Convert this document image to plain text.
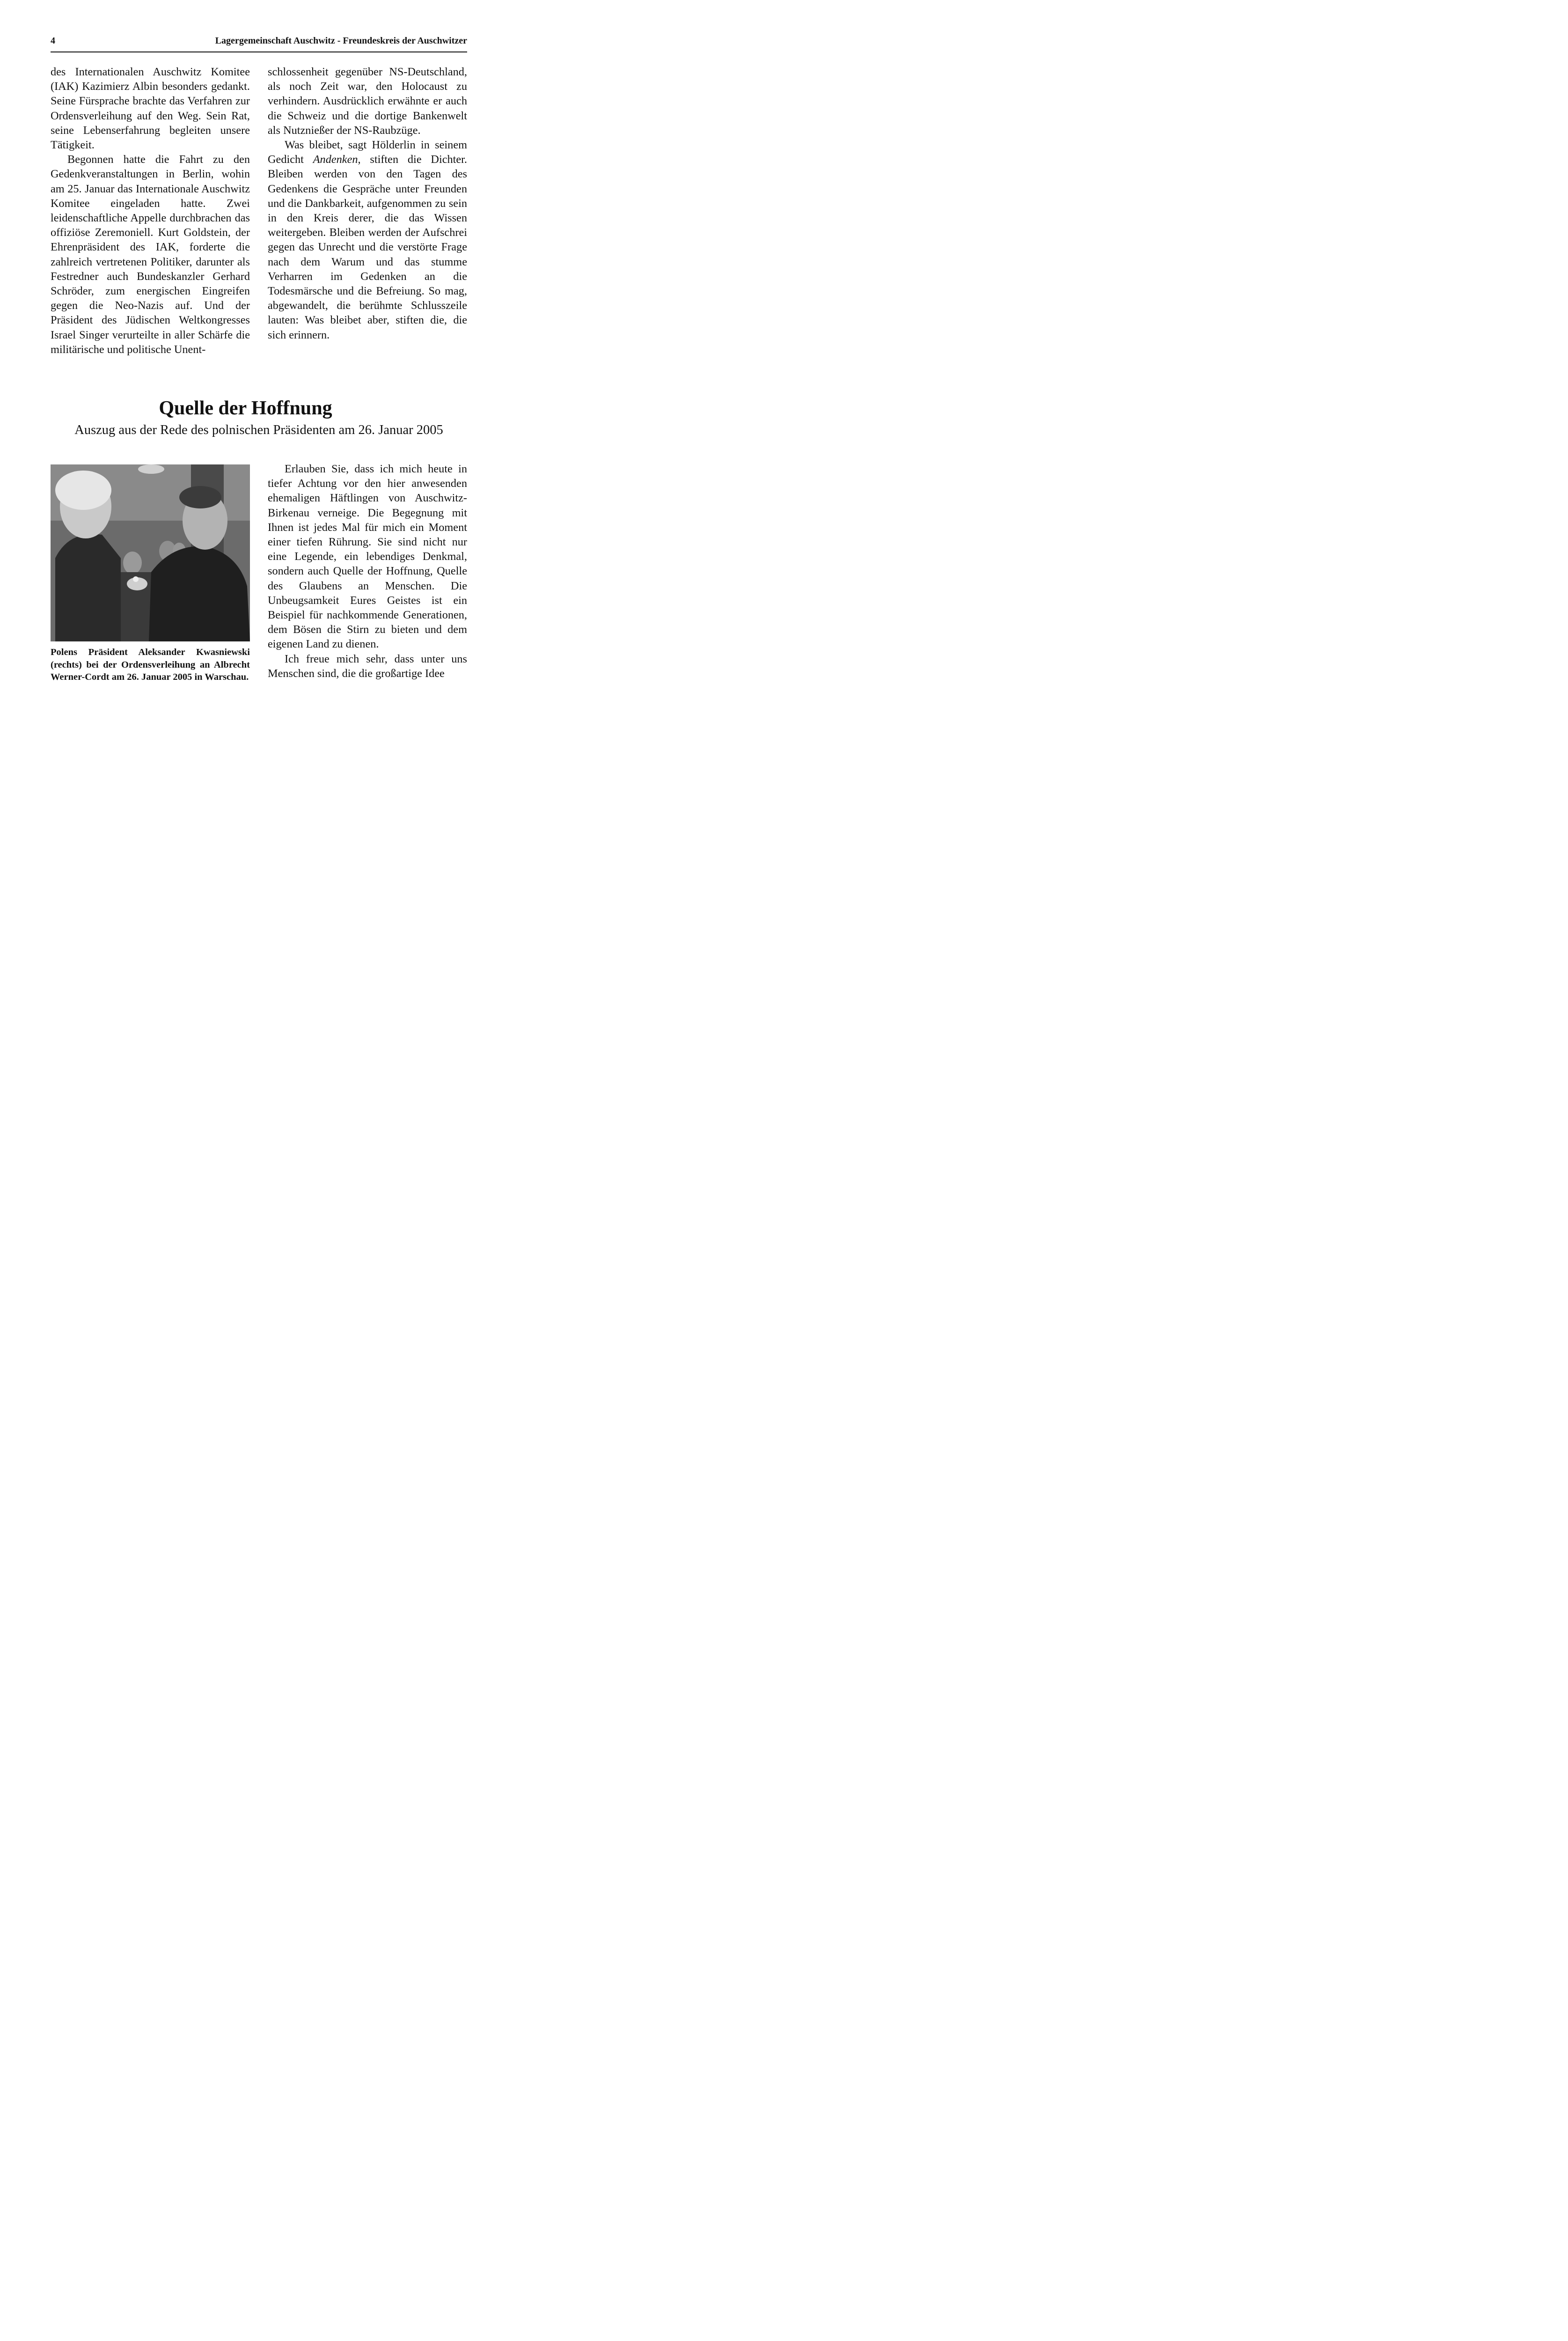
4	Lagergemeinschaft Auschwitz - Freundeskreis der Auschwitzer

des Internationalen Auschwitz Komitee (IAK) Kazimierz Albin besonders gedankt. Seine Fürsprache brachte das Verfahren zur Ordensverleihung auf den Weg. Sein Rat, seine Lebenserfahrung begleiten unsere Tätigkeit.

Begonnen hatte die Fahrt zu den Gedenkveranstaltungen in Berlin, wohin am 25. Januar das Internationale Auschwitz Komitee eingeladen hatte. Zwei leidenschaftliche Appelle durchbrachen das offiziöse Zeremoniell. Kurt Goldstein, der Ehrenpräsident des IAK, forderte die zahlreich vertretenen Politiker, darunter als Festredner auch Bundeskanzler Gerhard Schröder, zum energischen Eingreifen gegen die Neo-Nazis auf. Und der Präsident des Jüdischen Weltkongresses Israel Singer verurteilte in aller Schärfe die militärische und politische Unent-

schlossenheit gegenüber NS-Deutschland, als noch Zeit war, den Holocaust zu verhindern. Ausdrücklich erwähnte er auch die Schweiz und die dortige Bankenwelt als Nutznießer der NS-Raubzüge.

Was bleibet, sagt Hölderlin in seinem Gedicht Andenken, stiften die Dichter. Bleiben werden von den Tagen des Gedenkens die Gespräche unter Freunden und die Dankbarkeit, aufgenommen zu sein in den Kreis derer, die das Wissen weitergeben. Bleiben werden der Aufschrei gegen das Unrecht und die verstörte Frage nach dem Warum und das stumme Verharren im Gedenken an die Todesmärsche und die Befreiung. So mag, abgewandelt, die berühmte Schlusszeile lauten: Was bleibet aber, stiften die, die sich erinnern.

Quelle der Hoffnung
Auszug aus der Rede des polnischen Präsidenten am 26. Januar 2005

Polens Präsident Aleksander Kwasniewski (rechts) bei der Ordensverleihung an Albrecht Werner-Cordt am 26. Januar 2005 in Warschau.

Erlauben Sie, dass ich mich heute in tiefer Achtung vor den hier anwesenden ehemaligen Häftlingen von Auschwitz-Birkenau verneige. Die Begegnung mit Ihnen ist jedes Mal für mich ein Moment einer tiefen Rührung. Sie sind nicht nur eine Legende, ein lebendiges Denkmal, sondern auch Quelle der Hoffnung, Quelle des Glaubens an Menschen. Die Unbeugsamkeit Eures Geistes ist ein Beispiel für nachkommende Generationen, dem Bösen die Stirn zu bieten und dem eigenen Land zu dienen.

Ich freue mich sehr, dass unter uns Menschen sind, die die großartige Idee
